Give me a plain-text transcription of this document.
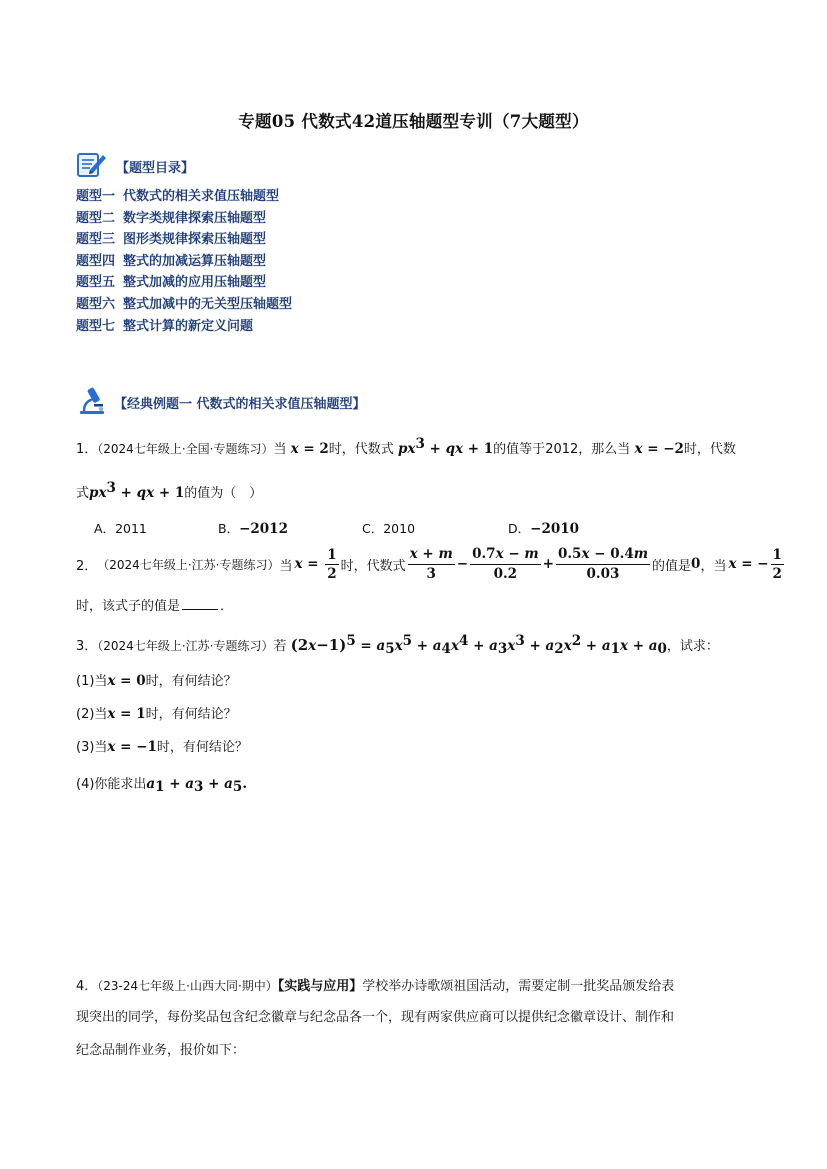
专题05 代数式42道压轴题型专训（7大题型）
【题型目录】
题型一 代数式的相关求值压轴题型
题型二 数字类规律探索压轴题型
题型三 图形类规律探索压轴题型
题型四 整式的加减运算压轴题型
题型五 整式加减的应用压轴题型
题型六 整式加减中的无关型压轴题型
题型七 整式计算的新定义问题
【经典例题一 代数式的相关求值压轴题型】
1．（2024七年级上·全国·专题练习）当 x = 2时，代数式 $px^3$ + qx + 1的值等于2012，那么当 x = −2时，代数
式$px^3$ + qx + 1的值为（　）
A．2011	B．−2012	C．2010	D．−2010
2． （2024七年级上·江苏·专题练习） 当 $x = \frac{1}{2}$ 时，代数式 $\frac{x + m}{3} - \frac{0.7x - m}{0.2} + \frac{0.5x - 0.4m}{0.03}$ 的值是 0 ，当 x = − $\frac{1}{2}$
时，该式子的值是	．
3．（2024七年级上·江苏·专题练习）若 $(2x-1)^5 = a_5x^5 + a_4x^4 + a_3x^3 + a_2x^2 + a_1x + a_0$，试求：
(1)当x = 0时，有何结论？
(2)当x = 1时，有何结论？
(3)当x = −1时，有何结论？
(4)你能求出$a_1 + a_3 + a_5$.
4．（23-24七年级上·山西大同·期中）【实践与应用】学校举办诗歌颂祖国活动，需要定制一批奖品颁发给表
现突出的同学，每份奖品包含纪念徽章与纪念品各一个，现有两家供应商可以提供纪念徽章设计、制作和
纪念品制作业务，报价如下：
